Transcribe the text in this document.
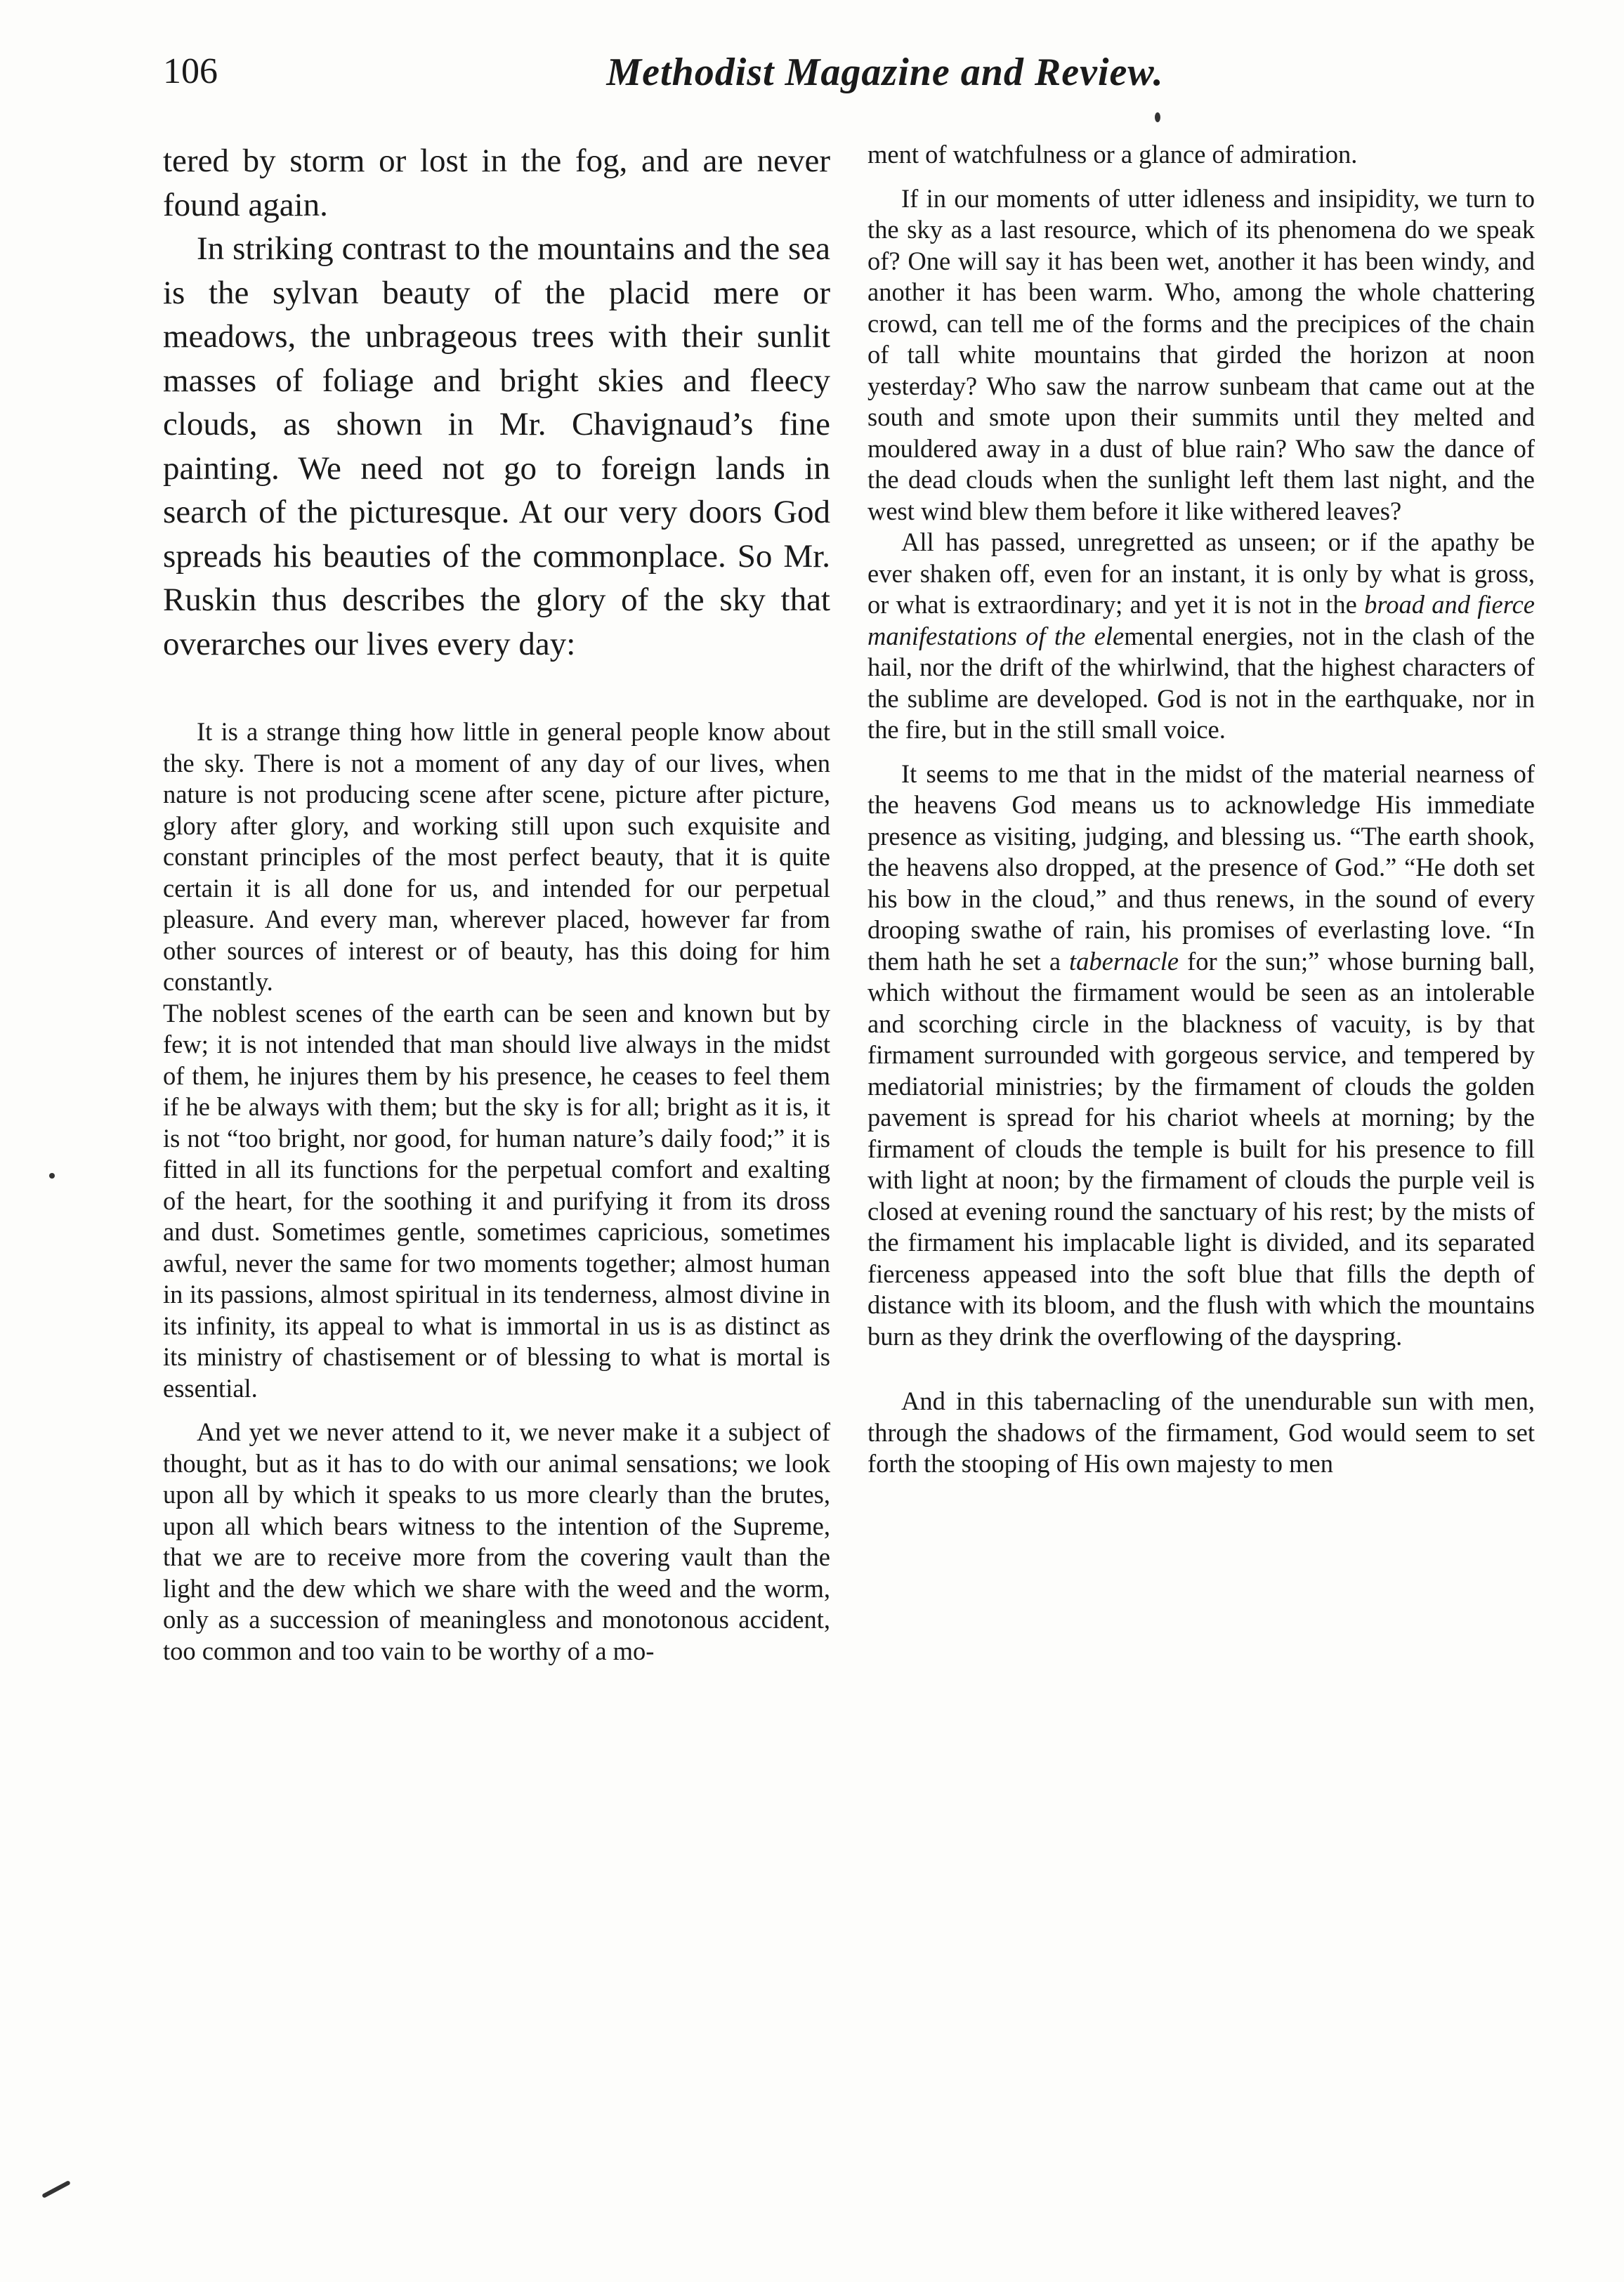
106	Methodist Magazine and Review.

tered by storm or lost in the fog, and are never found again.

In striking contrast to the mountains and the sea is the sylvan beauty of the placid mere or meadows, the unbrageous trees with their sunlit masses of foliage and bright skies and fleecy clouds, as shown in Mr. Chavignaud’s fine painting. We need not go to foreign lands in search of the picturesque. At our very doors God spreads his beauties of the commonplace. So Mr. Ruskin thus describes the glory of the sky that overarches our lives every day:

It is a strange thing how little in general people know about the sky. There is not a moment of any day of our lives, when nature is not producing scene after scene, picture after picture, glory after glory, and working still upon such exquisite and constant principles of the most perfect beauty, that it is quite certain it is all done for us, and intended for our perpetual pleasure. And every man, wherever placed, however far from other sources of interest or of beauty, has this doing for him constantly.

The noblest scenes of the earth can be seen and known but by few; it is not intended that man should live always in the midst of them, he injures them by his presence, he ceases to feel them if he be always with them; but the sky is for all; bright as it is, it is not “too bright, nor good, for human nature’s daily food;” it is fitted in all its functions for the perpetual comfort and exalting of the heart, for the soothing it and purifying it from its dross and dust. Sometimes gentle, sometimes capricious, sometimes awful, never the same for two moments together; almost human in its passions, almost spiritual in its tenderness, almost divine in its infinity, its appeal to what is immortal in us is as distinct as its ministry of chastisement or of blessing to what is mortal is essential.

And yet we never attend to it, we never make it a subject of thought, but as it has to do with our animal sensations; we look upon all by which it speaks to us more clearly than the brutes, upon all which bears witness to the intention of the Supreme, that we are to receive more from the covering vault than the light and the dew which we share with the weed and the worm, only as a succession of meaningless and monotonous accident, too common and too vain to be worthy of a mo-

ment of watchfulness or a glance of admiration.

If in our moments of utter idleness and insipidity, we turn to the sky as a last resource, which of its phenomena do we speak of? One will say it has been wet, another it has been windy, and another it has been warm. Who, among the whole chattering crowd, can tell me of the forms and the precipices of the chain of tall white mountains that girded the horizon at noon yesterday? Who saw the narrow sunbeam that came out at the south and smote upon their summits until they melted and mouldered away in a dust of blue rain? Who saw the dance of the dead clouds when the sunlight left them last night, and the west wind blew them before it like withered leaves?

All has passed, unregretted as unseen; or if the apathy be ever shaken off, even for an instant, it is only by what is gross, or what is extraordinary; and yet it is not in the broad and fierce manifestations of the elemental energies, not in the clash of the hail, nor the drift of the whirlwind, that the highest characters of the sublime are developed. God is not in the earthquake, nor in the fire, but in the still small voice.

It seems to me that in the midst of the material nearness of the heavens God means us to acknowledge His immediate presence as visiting, judging, and blessing us. “The earth shook, the heavens also dropped, at the presence of God.” “He doth set his bow in the cloud,” and thus renews, in the sound of every drooping swathe of rain, his promises of everlasting love. “In them hath he set a tabernacle for the sun;” whose burning ball, which without the firmament would be seen as an intolerable and scorching circle in the blackness of vacuity, is by that firmament surrounded with gorgeous service, and tempered by mediatorial ministries; by the firmament of clouds the golden pavement is spread for his chariot wheels at morning; by the firmament of clouds the temple is built for his presence to fill with light at noon; by the firmament of clouds the purple veil is closed at evening round the sanctuary of his rest; by the mists of the firmament his implacable light is divided, and its separated fierceness appeased into the soft blue that fills the depth of distance with its bloom, and the flush with which the mountains burn as they drink the overflowing of the dayspring.

And in this tabernacling of the unendurable sun with men, through the shadows of the firmament, God would seem to set forth the stooping of His own majesty to men
